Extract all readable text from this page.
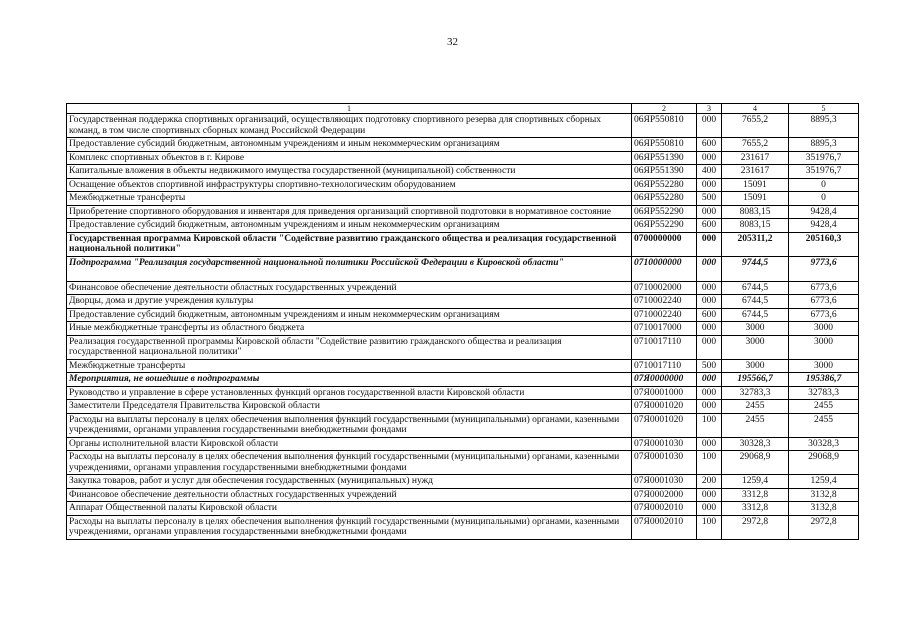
32
1	2	3	4	5
Государственная поддержка спортивных организаций, осуществляющих подготовку спортивного резерва для спортивных сборных команд, в том числе спортивных сборных команд Российской Федерации	06ЯР550810	000	7655,2	8895,3
Предоставление субсидий бюджетным, автономным учреждениям и иным некоммерческим организациям	06ЯР550810	600	7655,2	8895,3
Комплекс спортивных объектов в г. Кирове	06ЯР551390	000	231617	351976,7
Капитальные вложения в объекты недвижимого имущества государственной (муниципальной) собственности	06ЯР551390	400	231617	351976,7
Оснащение объектов спортивной инфраструктуры спортивно-технологическим оборудованием	06ЯР552280	000	15091	0
Межбюджетные трансферты	06ЯР552280	500	15091	0
Приобретение спортивного оборудования и инвентаря для приведения организаций спортивной подготовки в нормативное состояние	06ЯР552290	000	8083,15	9428,4
Предоставление субсидий бюджетным, автономным учреждениям и иным некоммерческим организациям	06ЯР552290	600	8083,15	9428,4
Государственная программа Кировской области "Содействие развитию гражданского общества и реализация государственной национальной политики"	0700000000	000	205311,2	205160,3
Подпрограмма "Реализация государственной национальной политики Российской Федерации в Кировской области"	0710000000	000	9744,5	9773,6
Финансовое обеспечение деятельности областных государственных учреждений	0710002000	000	6744,5	6773,6
Дворцы, дома и другие учреждения культуры	0710002240	000	6744,5	6773,6
Предоставление субсидий бюджетным, автономным учреждениям и иным некоммерческим организациям	0710002240	600	6744,5	6773,6
Иные межбюджетные трансферты из областного бюджета	0710017000	000	3000	3000
Реализация государственной программы Кировской области "Содействие развитию гражданского общества и реализация государственной национальной политики"	0710017110	000	3000	3000
Межбюджетные трансферты	0710017110	500	3000	3000
Мероприятия, не вошедшие в подпрограммы	07Я0000000	000	195566,7	195386,7
Руководство и управление в сфере установленных функций органов государственной власти Кировской области	07Я0001000	000	32783,3	32783,3
Заместители Председателя Правительства Кировской области	07Я0001020	000	2455	2455
Расходы на выплаты персоналу в целях обеспечения выполнения функций государственными (муниципальными) органами, казенными учреждениями, органами управления государственными внебюджетными фондами	07Я0001020	100	2455	2455
Органы исполнительной власти Кировской области	07Я0001030	000	30328,3	30328,3
Расходы на выплаты персоналу в целях обеспечения выполнения функций государственными (муниципальными) органами, казенными учреждениями, органами управления государственными внебюджетными фондами	07Я0001030	100	29068,9	29068,9
Закупка товаров, работ и услуг для обеспечения государственных (муниципальных) нужд	07Я0001030	200	1259,4	1259,4
Финансовое обеспечение деятельности областных государственных учреждений	07Я0002000	000	3312,8	3132,8
Аппарат Общественной палаты Кировской области	07Я0002010	000	3312,8	3132,8
Расходы на выплаты персоналу в целях обеспечения выполнения функций государственными (муниципальными) органами, казенными учреждениями, органами управления государственными внебюджетными фондами	07Я0002010	100	2972,8	2972,8
